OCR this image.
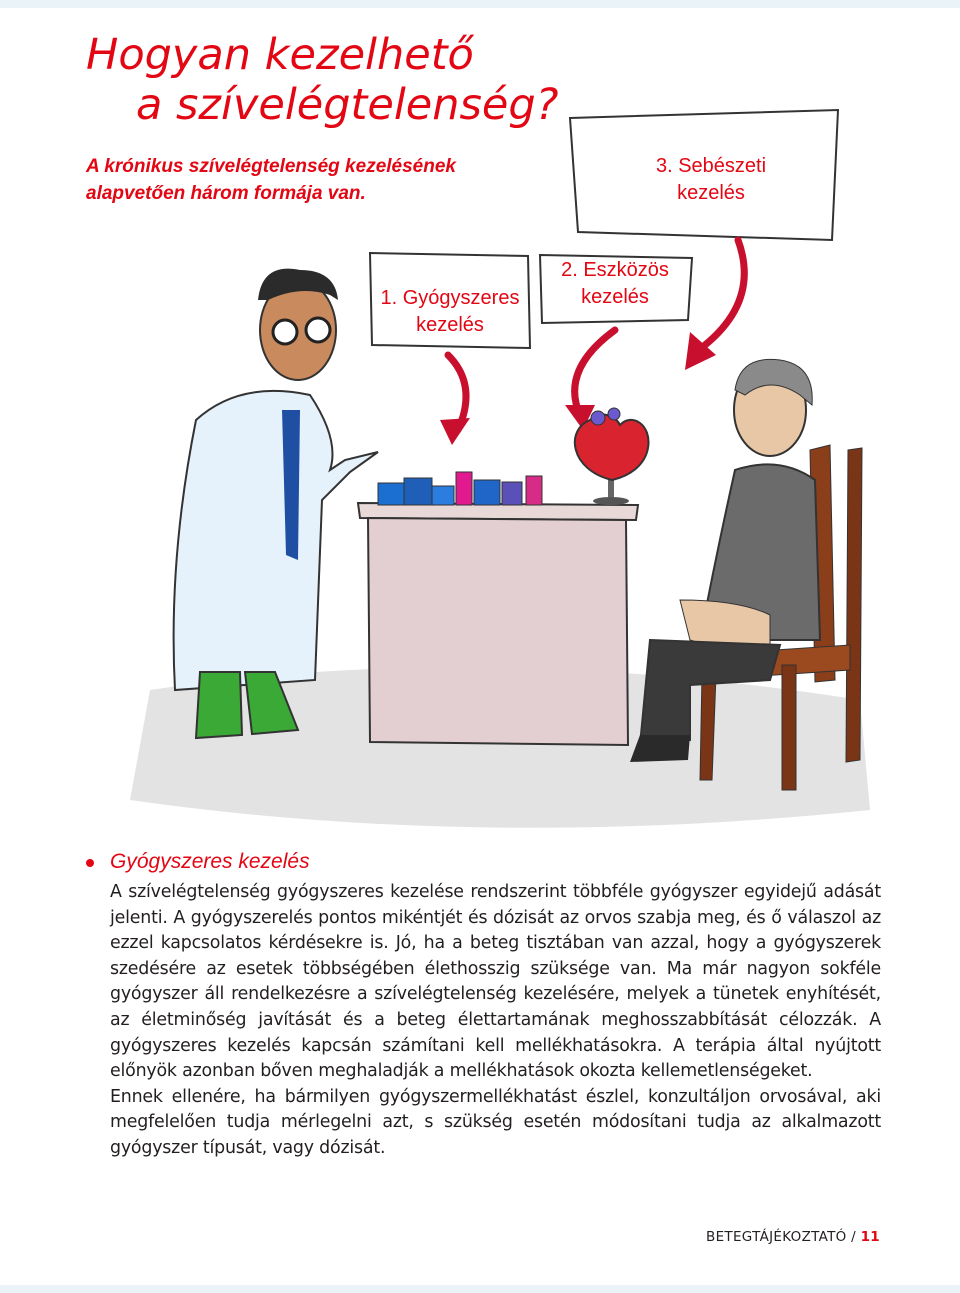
Hogyan kezelhető
a szívelégtelenség?

A krónikus szívelégtelenség kezelésének
alapvetően három formája van.

1. Gyógyszeres
kezelés
2. Eszközös
kezelés
3. Sebészeti
kezelés
Gyógyszeres kezelés

A szívelégtelenség gyógyszeres kezelése rendszerint többféle gyógyszer egyidejű adását jelenti. A gyógyszerelés pontos mikéntjét és dózisát az orvos szabja meg, és ő válaszol az ezzel kapcsolatos kérdésekre is. Jó, ha a beteg tisztában van azzal, hogy a gyógyszerek szedésére az esetek többségében élethosszig szüksége van. Ma már nagyon sokféle gyógyszer áll rendelkezésre a szívelégtelenség kezelésére, melyek a tünetek enyhítését, az életminőség javítását és a beteg élettartamának meghosszabbítását célozzák. A gyógyszeres kezelés kapcsán számítani kell mellékhatásokra. A terápia által nyújtott előnyök azonban bőven meghaladják a mellékhatások okozta kellemetlenségeket.

Ennek ellenére, ha bármilyen gyógyszermellékhatást észlel, konzultáljon orvosával, aki megfelelően tudja mérlegelni azt, s szükség esetén módosítani tudja az alkalmazott gyógyszer típusát, vagy dózisát.

BETEGTÁJÉKOZTATÓ / 11
